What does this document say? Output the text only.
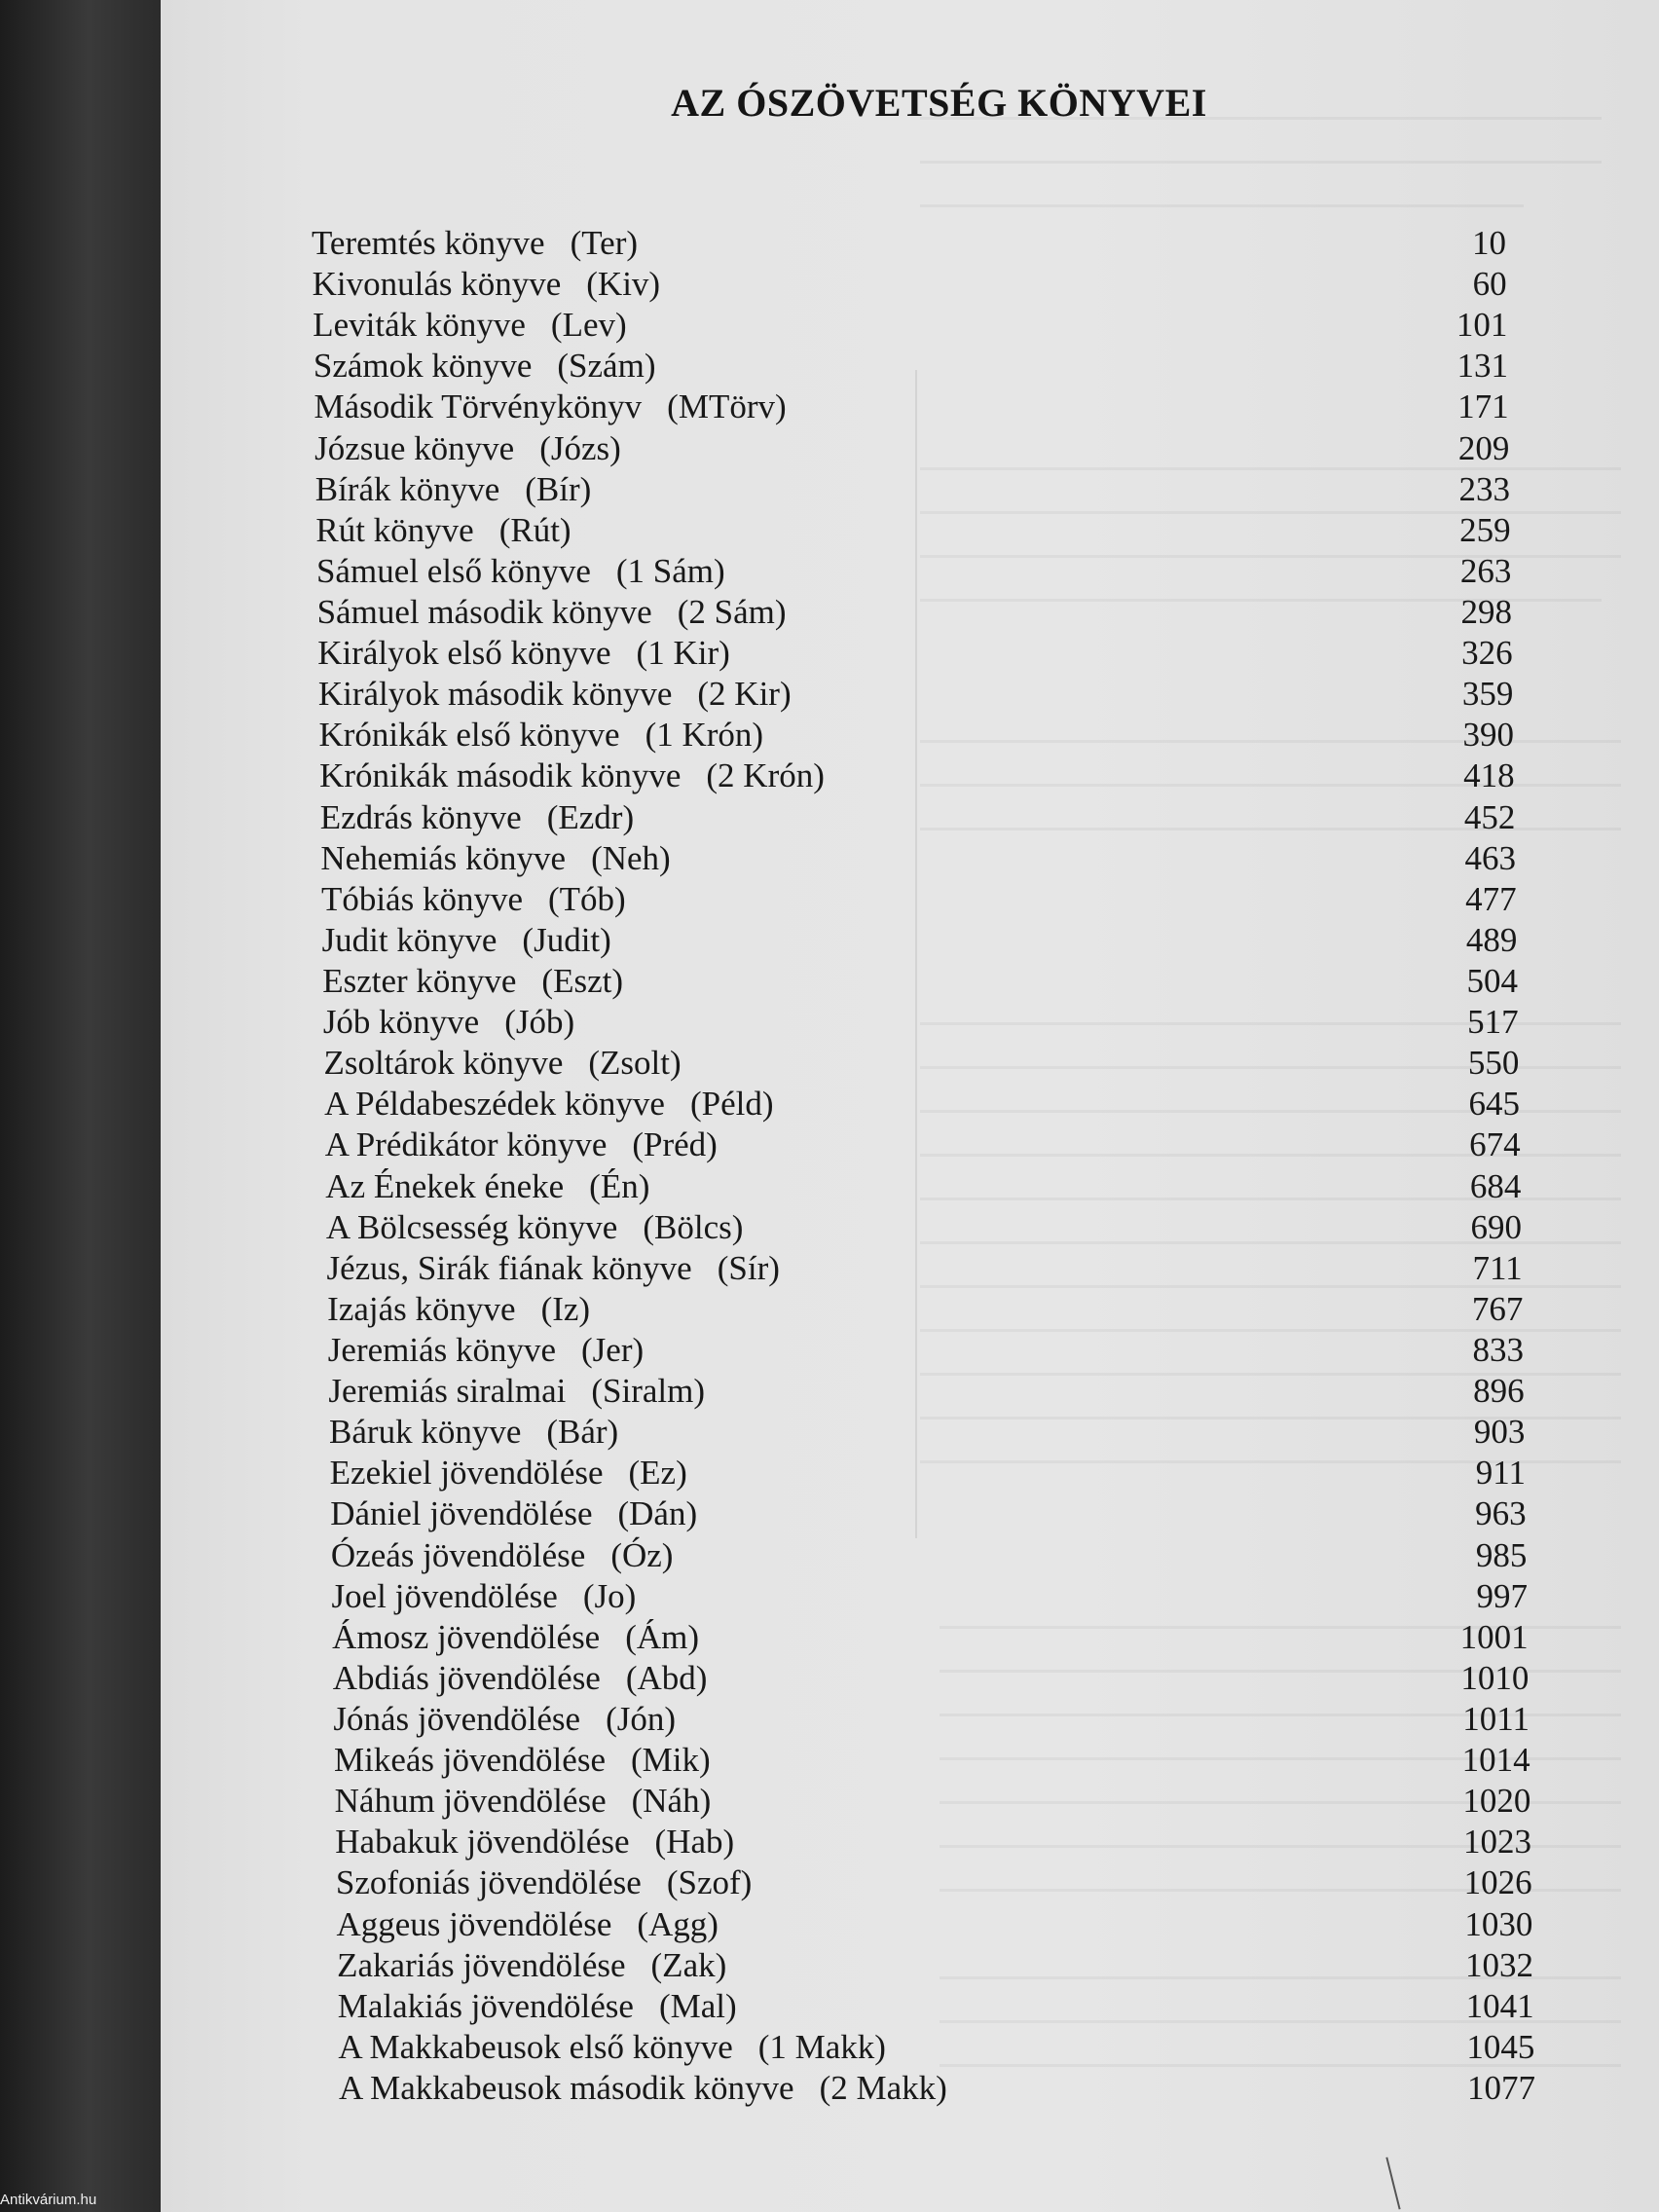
AZ ÓSZÖVETSÉG KÖNYVEI
Teremtés könyve (Ter)	10
Kivonulás könyve (Kiv)	60
Leviták könyve (Lev)	101
Számok könyve (Szám)	131
Második Törvénykönyv (MTörv)	171
Józsue könyve (Józs)	209
Bírák könyve (Bír)	233
Rút könyve (Rút)	259
Sámuel első könyve (1 Sám)	263
Sámuel második könyve (2 Sám)	298
Királyok első könyve (1 Kir)	326
Királyok második könyve (2 Kir)	359
Krónikák első könyve (1 Krón)	390
Krónikák második könyve (2 Krón)	418
Ezdrás könyve (Ezdr)	452
Nehemiás könyve (Neh)	463
Tóbiás könyve (Tób)	477
Judit könyve (Judit)	489
Eszter könyve (Eszt)	504
Jób könyve (Jób)	517
Zsoltárok könyve (Zsolt)	550
A Példabeszédek könyve (Péld)	645
A Prédikátor könyve (Préd)	674
Az Énekek éneke (Én)	684
A Bölcsesség könyve (Bölcs)	690
Jézus, Sirák fiának könyve (Sír)	711
Izajás könyve (Iz)	767
Jeremiás könyve (Jer)	833
Jeremiás siralmai (Siralm)	896
Báruk könyve (Bár)	903
Ezekiel jövendölése (Ez)	911
Dániel jövendölése (Dán)	963
Ózeás jövendölése (Óz)	985
Joel jövendölése (Jo)	997
Ámosz jövendölése (Ám)	1001
Abdiás jövendölése (Abd)	1010
Jónás jövendölése (Jón)	1011
Mikeás jövendölése (Mik)	1014
Náhum jövendölése (Náh)	1020
Habakuk jövendölése (Hab)	1023
Szofoniás jövendölése (Szof)	1026
Aggeus jövendölése (Agg)	1030
Zakariás jövendölése (Zak)	1032
Malakiás jövendölése (Mal)	1041
A Makkabeusok első könyve (1 Makk)	1045
A Makkabeusok második könyve (2 Makk)	1077
Antikvárium.hu
